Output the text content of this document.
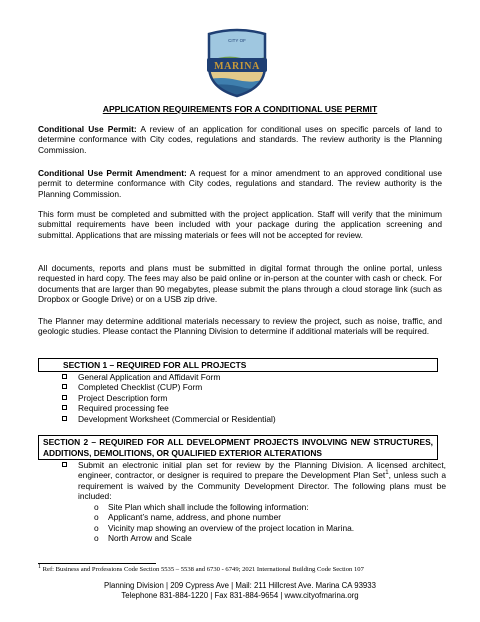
CITY OF
MARINA
APPLICATION REQUIREMENTS FOR A CONDITIONAL USE PERMIT

Conditional Use Permit: A review of an application for conditional uses on specific parcels of land to determine conformance with City codes, regulations and standards. The review authority is the Planning Commission.

Conditional Use Permit Amendment: A request for a minor amendment to an approved conditional use permit to determine conformance with City codes, regulations and standard. The review authority is the Planning Commission.

This form must be completed and submitted with the project application. Staff will verify that the minimum submittal requirements have been included with your package during the application screening and submittal. Applications that are missing materials or fees will not be accepted for review.

All documents, reports and plans must be submitted in digital format through the online portal, unless requested in hard copy. The fees may also be paid online or in-person at the counter with cash or check. For documents that are larger than 90 megabytes, please submit the plans through a cloud storage link (such as Dropbox or Google Drive) or on a USB zip drive.

The Planner may determine additional materials necessary to review the project, such as noise, traffic, and geologic studies. Please contact the Planning Division to determine if additional materials will be required.

SECTION 1 – REQUIRED FOR ALL PROJECTS
General Application and Affidavit Form
Completed Checklist (CUP) Form
Project Description form
Required processing fee
Development Worksheet (Commercial or Residential)
SECTION 2 – REQUIRED FOR ALL DEVELOPMENT PROJECTS INVOLVING NEW STRUCTURES, ADDITIONS, DEMOLITIONS, OR QUALIFIED EXTERIOR ALTERATIONS
Submit an electronic initial plan set for review by the Planning Division. A licensed architect, engineer, contractor, or designer is required to prepare the Development Plan Set$^1$, unless such a requirement is waived by the Community Development Director. The following plans must be included:
o Site Plan which shall include the following information:
o Applicant’s name, address, and phone number
o Vicinity map showing an overview of the project location in Marina.
o North Arrow and Scale
1 Ref: Business and Professions Code Section 5535 – 5538 and 6730 - 6749; 2021 International Building Code Section 107
Planning Division | 209 Cypress Ave | Mail: 211 Hillcrest Ave. Marina CA 93933
Telephone 831-884-1220 | Fax 831-884-9654 | www.cityofmarina.org
